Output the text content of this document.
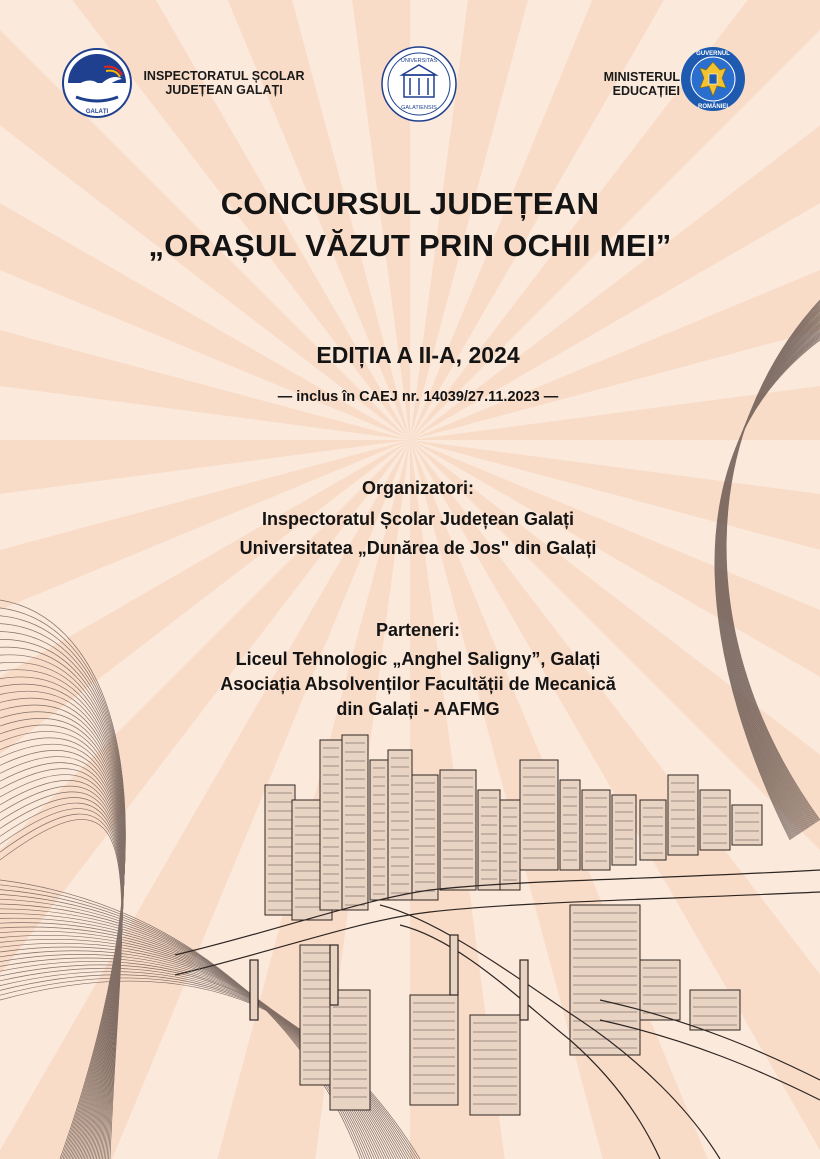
GALAȚI
INSPECTORATUL ȘCOLAR
JUDEȚEAN GALAȚI
UNIVERSITAS
GALATIENSIS
MINISTERUL
EDUCAȚIEI
GUVERNUL
ROMÂNIEI
CONCURSUL JUDEȚEAN
„ORAȘUL VĂZUT PRIN OCHII MEI”
EDIȚIA A II-A, 2024
— inclus în CAEJ nr. 14039/27.11.2023 —
Organizatori:
Inspectoratul Școlar Județean Galați
Universitatea „Dunărea de Jos" din Galați
Parteneri:
Liceul Tehnologic „Anghel Saligny”, Galați
Asociația Absolvenților Facultății de Mecanică
din Galați - AAFMG
